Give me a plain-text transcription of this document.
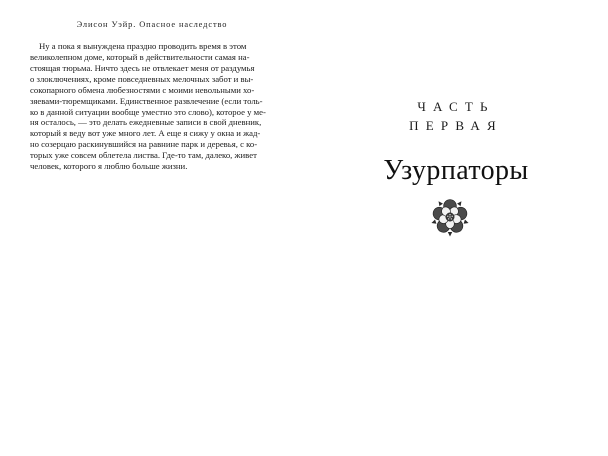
Элисон Уэйр. Опасное наследство
Ну а пока я вынуждена праздно проводить время в этом
великолепном доме, который в действительности самая на-
стоящая тюрьма. Ничто здесь не отвлекает меня от раздумья
о злоключениях, кроме повседневных мелочных забот и вы-
сокопарного обмена любезностями с моими невольными хо-
зяевами-тюремщиками. Единственное развлечение (если толь-
ко в данной ситуации вообще уместно это слово), которое у ме-
ня осталось, — это делать ежедневные записи в свой дневник,
который я веду вот уже много лет. А еще я сижу у окна и жад-
но созерцаю раскинувшийся на равнине парк и деревья, с ко-
торых уже совсем облетела листва. Где-то там, далеко, живет
человек, которого я люблю больше жизни.
ЧАСТЬ
ПЕРВАЯ
Узурпаторы
